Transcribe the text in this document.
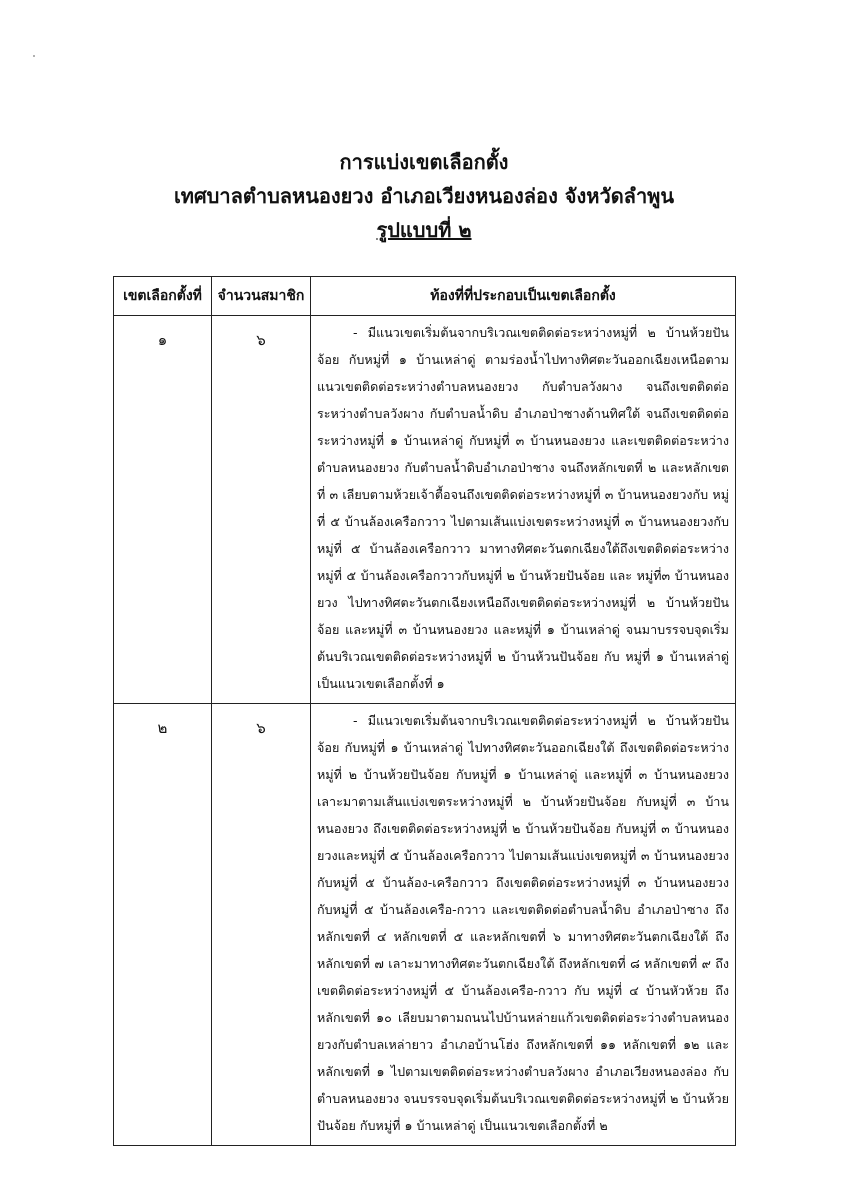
การแบ่งเขตเลือกตั้ง
เทศบาลตำบลหนองยวง อำเภอเวียงหนองล่อง จังหวัดลำพูน
รูปแบบที่ ๒
เขตเลือกตั้งที่	จำนวนสมาชิก	ท้องที่ที่ประกอบเป็นเขตเลือกตั้ง
๑	๖	- มีแนวเขตเริ่มต้นจากบริเวณเขตติดต่อระหว่างหมู่ที่ ๒ บ้านห้วยปันจ้อย กับหมู่ที่ ๑ บ้านเหล่าดู่ ตามร่องน้ำไปทางทิศตะวันออกเฉียงเหนือตามแนวเขตติดต่อระหว่างตำบลหนองยวง กับตำบลวังผาง จนถึงเขตติดต่อระหว่างตำบลวังผาง กับตำบลน้ำดิบ อำเภอป่าซางด้านทิศใต้ จนถึงเขตติดต่อระหว่างหมู่ที่ ๑ บ้านเหล่าดู่ กับหมู่ที่ ๓ บ้านหนองยวง และเขตติดต่อระหว่างตำบลหนองยวง กับตำบลน้ำดิบอำเภอป่าซาง จนถึงหลักเขตที่ ๒ และหลักเขตที่ ๓ เลียบตามห้วยเจ้าตื้อจนถึงเขตติดต่อระหว่างหมู่ที่ ๓ บ้านหนองยวงกับ หมู่ที่ ๕ บ้านล้องเครือกวาว ไปตามเส้นแบ่งเขตระหว่างหมู่ที่ ๓ บ้านหนองยวงกับหมู่ที่ ๕ บ้านล้องเครือกวาว มาทางทิศตะวันตกเฉียงใต้ถึงเขตติดต่อระหว่างหมู่ที่ ๕ บ้านล้องเครือกวาวกับหมู่ที่ ๒ บ้านห้วยปันจ้อย และ หมู่ที่๓ บ้านหนองยวง ไปทางทิศตะวันตกเฉียงเหนือถึงเขตติดต่อระหว่างหมู่ที่ ๒ บ้านห้วยปันจ้อย และหมู่ที่ ๓ บ้านหนองยวง และหมู่ที่ ๑ บ้านเหล่าดู่ จนมาบรรจบจุดเริ่มต้นบริเวณเขตติดต่อระหว่างหมู่ที่ ๒ บ้านห้วนปันจ้อย กับ หมู่ที่ ๑ บ้านเหล่าดู่ เป็นแนวเขตเลือกตั้งที่ ๑

๒	๖	- มีแนวเขตเริ่มต้นจากบริเวณเขตติดต่อระหว่างหมู่ที่ ๒ บ้านห้วยปันจ้อย กับหมู่ที่ ๑ บ้านเหล่าดู่ ไปทางทิศตะวันออกเฉียงใต้ ถึงเขตติดต่อระหว่าง หมู่ที่ ๒ บ้านห้วยปันจ้อย กับหมู่ที่ ๑ บ้านเหล่าดู่ และหมู่ที่ ๓ บ้านหนองยวง เลาะมาตามเส้นแบ่งเขตระหว่างหมู่ที่ ๒ บ้านห้วยปันจ้อย กับหมู่ที่ ๓ บ้านหนองยวง ถึงเขตติดต่อระหว่างหมู่ที่ ๒ บ้านห้วยปันจ้อย กับหมู่ที่ ๓ บ้านหนองยวงและหมู่ที่ ๕ บ้านล้องเครือกวาว ไปตามเส้นแบ่งเขตหมู่ที่ ๓ บ้านหนองยวง กับหมู่ที่ ๕ บ้านล้อง-เครือกวาว ถึงเขตติดต่อระหว่างหมู่ที่ ๓ บ้านหนองยวง กับหมู่ที่ ๕ บ้านล้องเครือ-กวาว และเขตติดต่อตำบลน้ำดิบ อำเภอป่าซาง ถึงหลักเขตที่ ๔ หลักเขตที่ ๕ และหลักเขตที่ ๖ มาทางทิศตะวันตกเฉียงใต้ ถึงหลักเขตที่ ๗ เลาะมาทางทิศตะวันตกเฉียงใต้ ถึงหลักเขตที่ ๘ หลักเขตที่ ๙ ถึงเขตติดต่อระหว่างหมู่ที่ ๕ บ้านล้องเครือ-กวาว กับ หมู่ที่ ๔ บ้านหัวห้วย ถึงหลักเขตที่ ๑๐ เลียบมาตามถนนไปบ้านหล่ายแก้วเขตติดต่อระว่างตำบลหนองยวงกับตำบลเหล่ายาว อำเภอบ้านโฮ่ง ถึงหลักเขตที่ ๑๑ หลักเขตที่ ๑๒ และหลักเขตที่ ๑ ไปตามเขตติดต่อระหว่างตำบลวังผาง อำเภอเวียงหนองล่อง กับตำบลหนองยวง จนบรรจบจุดเริ่มต้นบริเวณเขตติดต่อระหว่างหมู่ที่ ๒ บ้านห้วยปันจ้อย กับหมู่ที่ ๑ บ้านเหล่าดู่ เป็นแนวเขตเลือกตั้งที่ ๒
